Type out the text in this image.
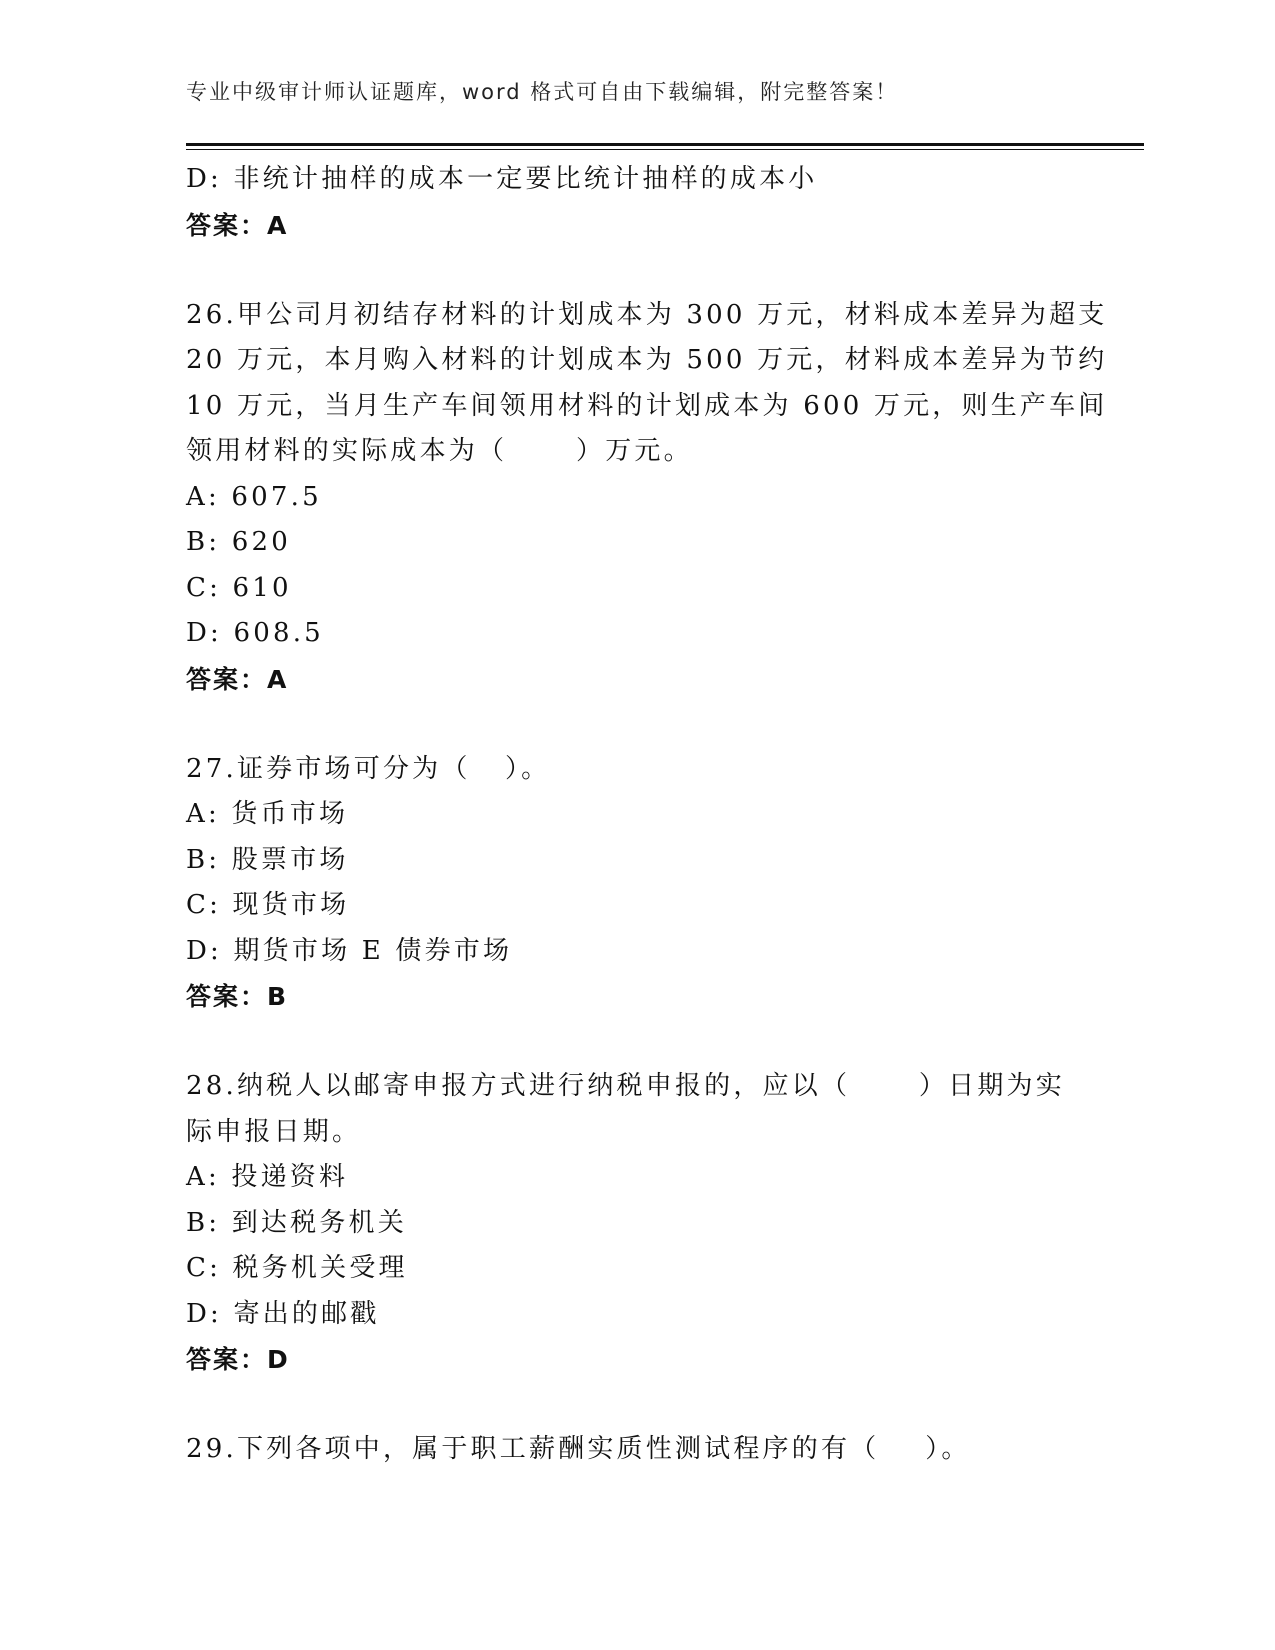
专业中级审计师认证题库，word 格式可自由下载编辑，附完整答案！
D: 非统计抽样的成本一定要比统计抽样的成本小
答案：A
26.甲公司月初结存材料的计划成本为 300 万元，材料成本差异为超支
20 万元，本月购入材料的计划成本为 500 万元，材料成本差异为节约
10 万元，当月生产车间领用材料的计划成本为 600 万元，则生产车间
领用材料的实际成本为（      ）万元。
A: 607.5
B: 620
C: 610
D: 608.5
答案：A
27.证券市场可分为（   ）。
A: 货币市场
B: 股票市场
C: 现货市场
D: 期货市场 E 债券市场
答案：B
28.纳税人以邮寄申报方式进行纳税申报的，应以（      ）日期为实
际申报日期。
A: 投递资料
B: 到达税务机关
C: 税务机关受理
D: 寄出的邮戳
答案：D
29.下列各项中，属于职工薪酬实质性测试程序的有（    ）。
